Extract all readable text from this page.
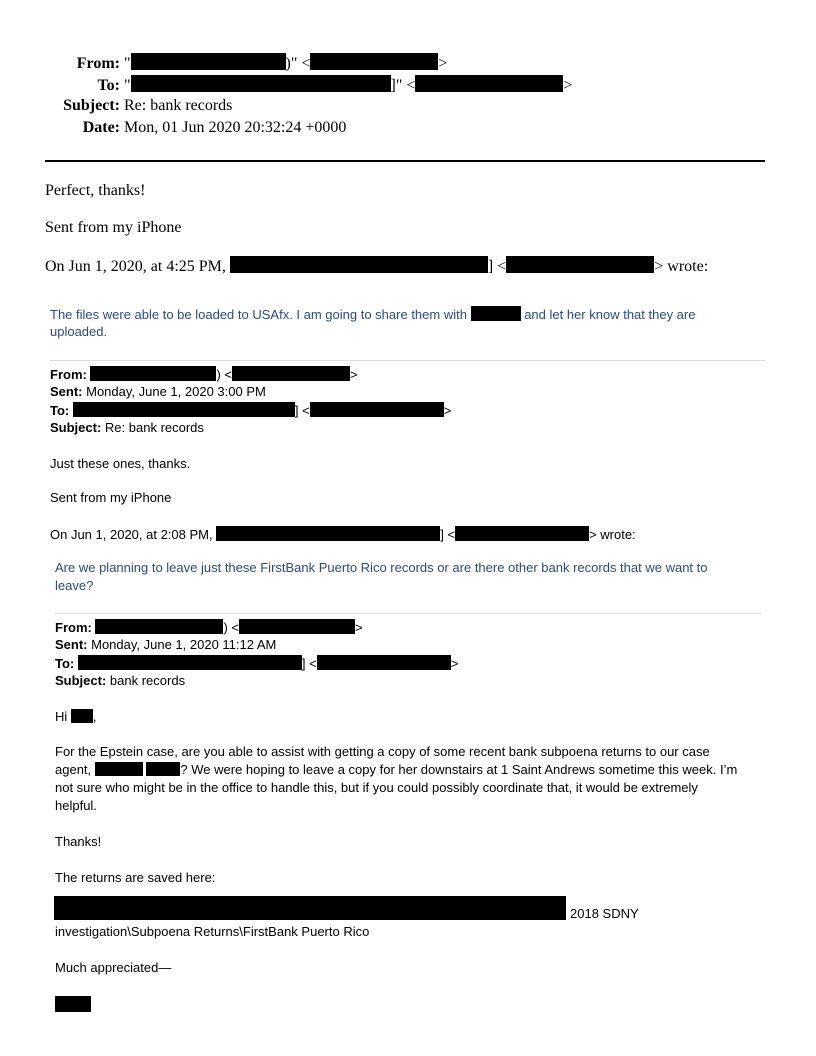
From: "	)" <	>
To: "	]" <	>
Subject: Re: bank records
Date: Mon, 01 Jun 2020 20:32:24 +0000
Perfect, thanks!
Sent from my iPhone
On Jun 1, 2020, at 4:25 PM,	] <	> wrote:
The files were able to be loaded to USAfx. I am going to share them with	and let her know that they are
uploaded.
From:	) <	>
Sent: Monday, June 1, 2020 3:00 PM
To:	] <	>
Subject: Re: bank records
Just these ones, thanks.
Sent from my iPhone
On Jun 1, 2020, at 2:08 PM,	] <	> wrote:
Are we planning to leave just these FirstBank Puerto Rico records or are there other bank records that we want to
leave?
From:	) <	>
Sent: Monday, June 1, 2020 11:12 AM
To:	] <	>
Subject: bank records
Hi ,
For the Epstein case, are you able to assist with getting a copy of some recent bank subpoena returns to our case
agent,	? We were hoping to leave a copy for her downstairs at 1 Saint Andrews sometime this week. I’m
not sure who might be in the office to handle this, but if you could possibly coordinate that, it would be extremely
helpful.
Thanks!
The returns are saved here:
2018 SDNY
investigation\Subpoena Returns\FirstBank Puerto Rico
Much appreciated—
